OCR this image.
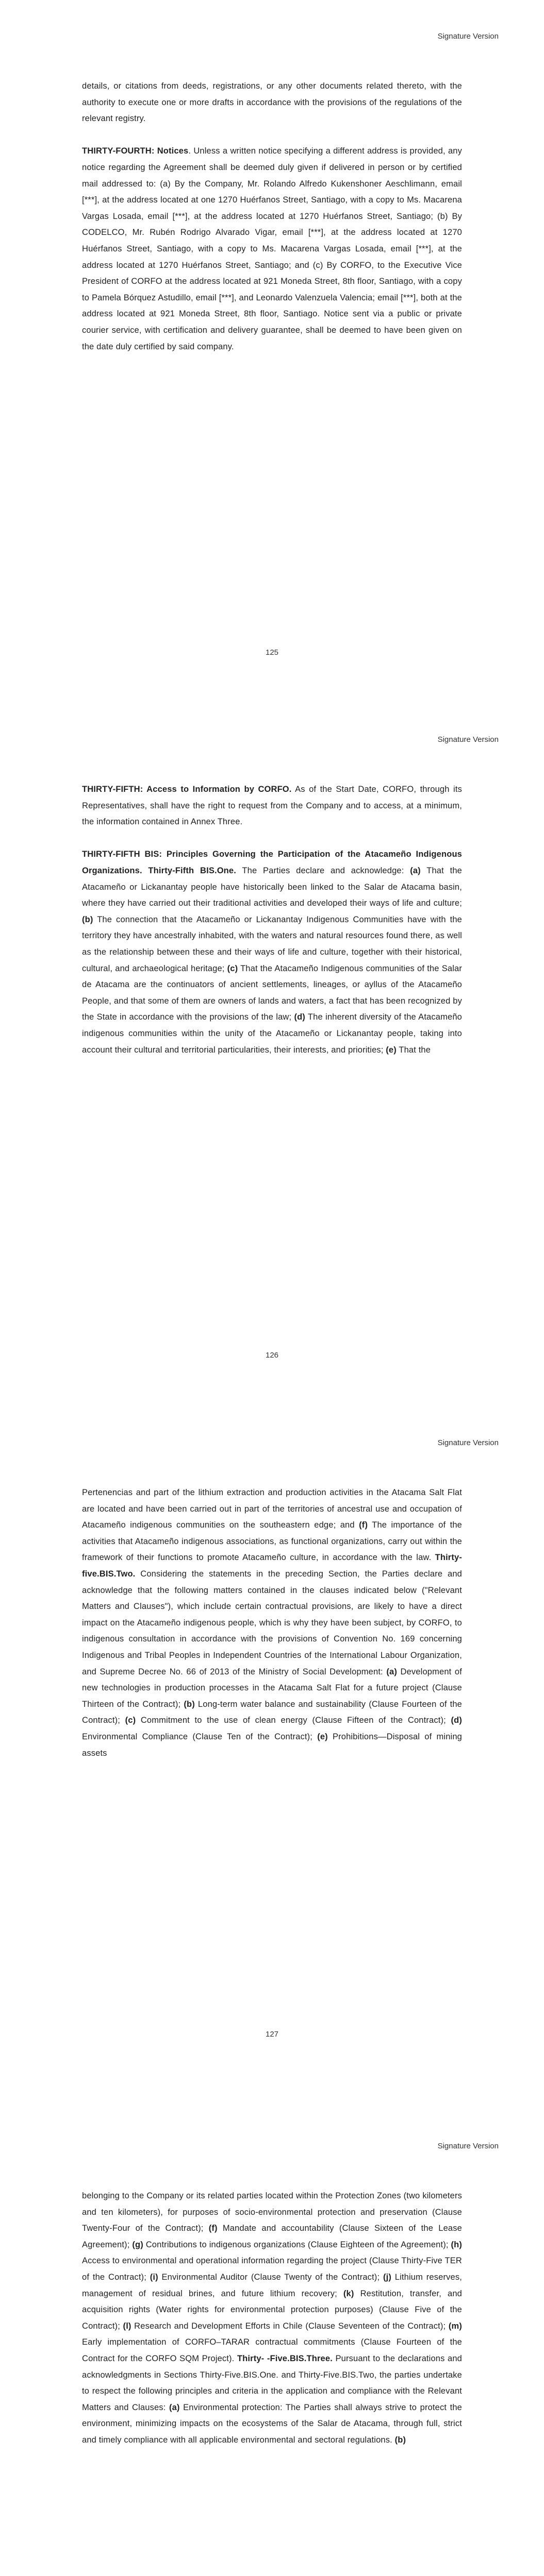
Signature Version

details, or citations from deeds, registrations, or any other documents related thereto, with the authority to execute one or more drafts in accordance with the provisions of the regulations of the relevant registry.

THIRTY-FOURTH: Notices. Unless a written notice specifying a different address is provided, any notice regarding the Agreement shall be deemed duly given if delivered in person or by certified mail addressed to: (a) By the Company, Mr. Rolando Alfredo Kukenshoner Aeschlimann, email [***], at the address located at one 1270 Huérfanos Street, Santiago, with a copy to Ms. Macarena Vargas Losada, email [***], at the address located at 1270 Huérfanos Street, Santiago; (b) By CODELCO, Mr. Rubén Rodrigo Alvarado Vigar, email [***], at the address located at 1270 Huérfanos Street, Santiago, with a copy to Ms. Macarena Vargas Losada, email [***], at the address located at 1270 Huérfanos Street, Santiago; and (c) By CORFO, to the Executive Vice President of CORFO at the address located at 921 Moneda Street, 8th floor, Santiago, with a copy to Pamela Bórquez Astudillo, email [***], and Leonardo Valenzuela Valencia; email [***], both at the address located at 921 Moneda Street, 8th floor, Santiago. Notice sent via a public or private courier service, with certification and delivery guarantee, shall be deemed to have been given on the date duly certified by said company.

125
Signature Version

THIRTY-FIFTH: Access to Information by CORFO. As of the Start Date, CORFO, through its Representatives, shall have the right to request from the Company and to access, at a minimum, the information contained in Annex Three.

THIRTY-FIFTH BIS: Principles Governing the Participation of the Atacameño Indigenous Organizations. Thirty-Fifth BIS.One. The Parties declare and acknowledge: (a) That the Atacameño or Lickanantay people have historically been linked to the Salar de Atacama basin, where they have carried out their traditional activities and developed their ways of life and culture; (b) The connection that the Atacameño or Lickanantay Indigenous Communities have with the territory they have ancestrally inhabited, with the waters and natural resources found there, as well as the relationship between these and their ways of life and culture, together with their historical, cultural, and archaeological heritage; (c) That the Atacameño Indigenous communities of the Salar de Atacama are the continuators of ancient settlements, lineages, or ayllus of the Atacameño People, and that some of them are owners of lands and waters, a fact that has been recognized by the State in accordance with the provisions of the law; (d) The inherent diversity of the Atacameño indigenous communities within the unity of the Atacameño or Lickanantay people, taking into account their cultural and territorial particularities, their interests, and priorities; (e) That the

126
Signature Version

Pertenencias and part of the lithium extraction and production activities in the Atacama Salt Flat are located and have been carried out in part of the territories of ancestral use and occupation of Atacameño indigenous communities on the southeastern edge; and (f) The importance of the activities that Atacameño indigenous associations, as functional organizations, carry out within the framework of their functions to promote Atacameño culture, in accordance with the law. Thirty-five.BIS.Two. Considering the statements in the preceding Section, the Parties declare and acknowledge that the following matters contained in the clauses indicated below ("Relevant Matters and Clauses"), which include certain contractual provisions, are likely to have a direct impact on the Atacameño indigenous people, which is why they have been subject, by CORFO, to indigenous consultation in accordance with the provisions of Convention No. 169 concerning Indigenous and Tribal Peoples in Independent Countries of the International Labour Organization, and Supreme Decree No. 66 of 2013 of the Ministry of Social Development: (a) Development of new technologies in production processes in the Atacama Salt Flat for a future project (Clause Thirteen of the Contract); (b) Long-term water balance and sustainability (Clause Fourteen of the Contract); (c) Commitment to the use of clean energy (Clause Fifteen of the Contract); (d) Environmental Compliance (Clause Ten of the Contract); (e) Prohibitions—Disposal of mining assets

127
Signature Version

belonging to the Company or its related parties located within the Protection Zones (two kilometers and ten kilometers), for purposes of socio-environmental protection and preservation (Clause Twenty-Four of the Contract); (f) Mandate and accountability (Clause Sixteen of the Lease Agreement); (g) Contributions to indigenous organizations (Clause Eighteen of the Agreement); (h) Access to environmental and operational information regarding the project (Clause Thirty-Five TER of the Contract); (i) Environmental Auditor (Clause Twenty of the Contract); (j) Lithium reserves, management of residual brines, and future lithium recovery; (k) Restitution, transfer, and acquisition rights (Water rights for environmental protection purposes) (Clause Five of the Contract); (l) Research and Development Efforts in Chile (Clause Seventeen of the Contract); (m) Early implementation of CORFO–TARAR contractual commitments (Clause Fourteen of the Contract for the CORFO SQM Project). Thirty- -Five.BIS.Three. Pursuant to the declarations and acknowledgments in Sections Thirty-Five.BIS.One. and Thirty-Five.BIS.Two, the parties undertake to respect the following principles and criteria in the application and compliance with the Relevant Matters and Clauses: (a) Environmental protection: The Parties shall always strive to protect the environment, minimizing impacts on the ecosystems of the Salar de Atacama, through full, strict and timely compliance with all applicable environmental and sectoral regulations. (b)
